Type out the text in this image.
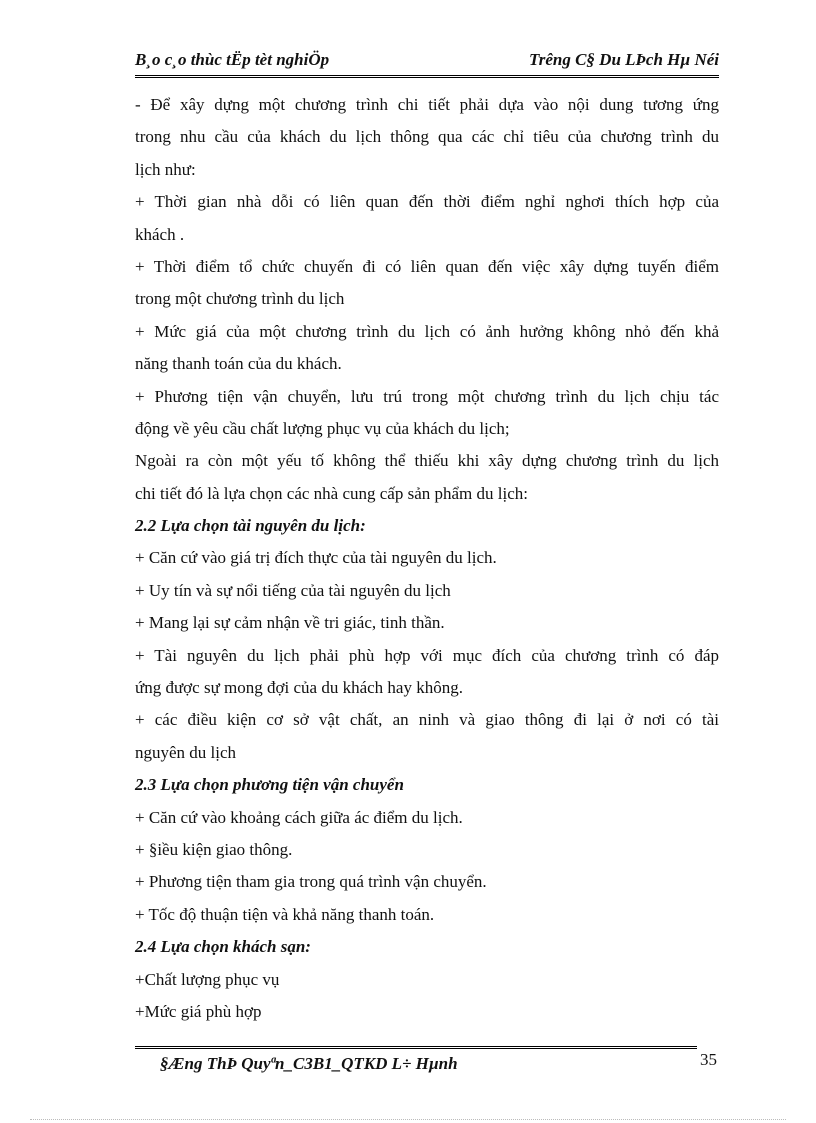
B¸o c¸o thùc tËp tèt nghiÖp	Trêng C§ Du LÞch Hµ Néi
- Để xây dựng một chương trình chi tiết phải dựa vào nội dung tương ứng
trong nhu cầu của khách du lịch thông qua các chỉ tiêu của chương trình du
lịch như:
+ Thời gian nhà dỗi có liên quan đến thời điểm nghỉ nghơi thích hợp của
khách .
+ Thời điểm tổ chức chuyến đi có liên quan đến việc xây dựng tuyến điểm
trong một chương trình du lịch
+ Mức giá của một chương trình du lịch có ảnh hưởng không nhỏ đến khả
năng thanh toán của du khách.
+ Phương tiện vận chuyển, lưu trú trong một chương trình du lịch chịu tác
động về yêu cầu chất lượng phục vụ của khách du lịch;
Ngoài ra còn một yếu tố không thể thiếu khi xây dựng chương trình du lịch
chi tiết đó là lựa chọn các nhà cung cấp sản phẩm du lịch:
2.2 Lựa chọn tài nguyên du lịch:
+ Căn cứ vào giá trị đích thực của tài nguyên du lịch.
+ Uy tín và sự nổi tiếng của tài nguyên du lịch
+ Mang lại sự cảm nhận về tri giác, tinh thần.
+ Tài nguyên du lịch phải phù hợp với mục đích của chương trình có đáp
ứng được sự mong đợi của du khách hay không.
+ các điều kiện cơ sở vật chất, an ninh và giao thông đi lại ở nơi có tài
nguyên du lịch
2.3 Lựa chọn phương tiện vận chuyển
+ Căn cứ vào khoảng cách giữa ác điểm du lịch.
+ §iều kiện giao thông.
+ Phương tiện tham gia trong quá trình vận chuyển.
+ Tốc độ thuận tiện và khả năng thanh toán.
2.4 Lựa chọn khách sạn:
+Chất lượng phục vụ
+Mức giá phù hợp
§Æng ThÞ Quyªn_C3B1_QTKD L÷ Hµnh	35
